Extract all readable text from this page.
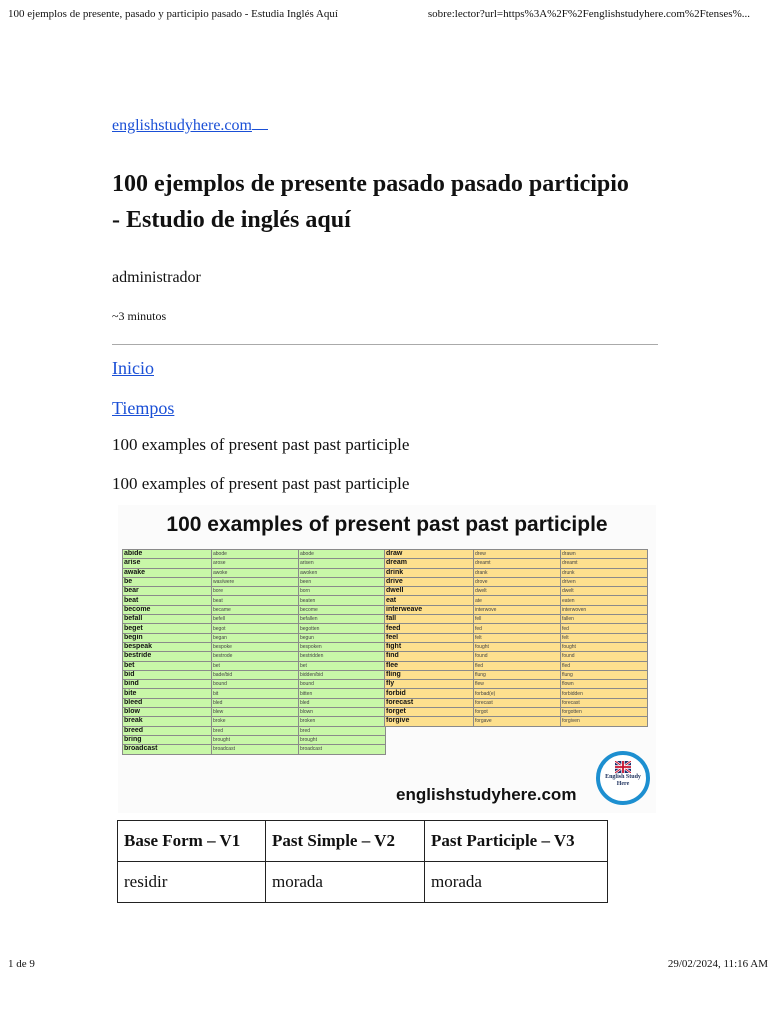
100 ejemplos de presente, pasado y participio pasado - Estudia Inglés Aquí	sobre:lector?url=https%3A%2F%2Fenglishstudyhere.com%2Ftenses%...
englishstudyhere.com
100 ejemplos de presente pasado pasado participio - Estudio de inglés aquí
administrador
~3 minutos
Inicio
Tiempos
100 examples of present past past participle
100 examples of present past past participle
100 examples of present past past participle
abide	abode	abode
arise	arose	arisen
awake	awoke	awoken
be	was/were	been
bear	bore	born
beat	beat	beaten
become	became	become
befall	befell	befallen
beget	begot	begotten
begin	began	begun
bespeak	bespoke	bespoken
bestride	bestrode	bestridden
bet	bet	bet
bid	bade/bid	bidden/bid
bind	bound	bound
bite	bit	bitten
bleed	bled	bled
blow	blew	blown
break	broke	broken
breed	bred	bred
bring	brought	brought
broadcast	broadcast	broadcast
draw	drew	drawn
dream	dreamt	dreamt
drink	drank	drunk
drive	drove	driven
dwell	dwelt	dwelt
eat	ate	eaten
interweave	interwove	interwoven
fall	fell	fallen
feed	fed	fed
feel	felt	felt
fight	fought	fought
find	found	found
flee	fled	fled
fling	flung	flung
fly	flew	flown
forbid	forbad(e)	forbidden
forecast	forecast	forecast
forget	forgot	forgotten
forgive	forgave	forgiven
englishstudyhere.com
English Study Here
Base Form – V1	Past Simple – V2	Past Participle – V3
residir	morada	morada
1 de 9	29/02/2024, 11:16 AM
